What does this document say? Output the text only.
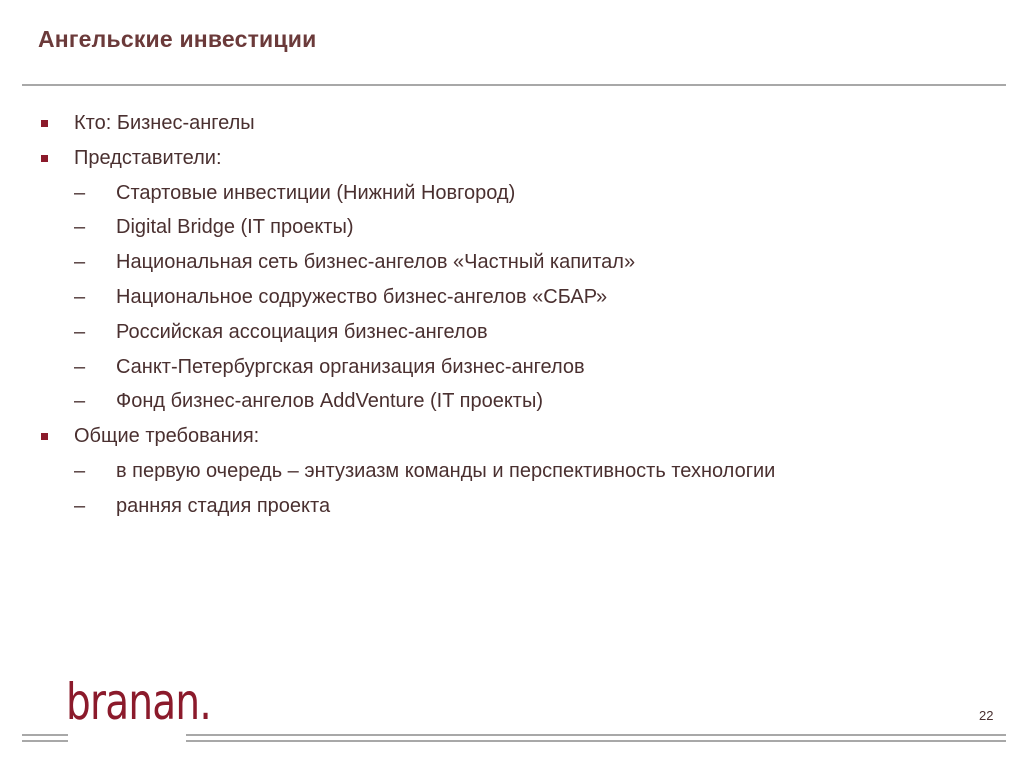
Ангельские инвестиции
Кто: Бизнес-ангелы
Представители:
– Стартовые инвестиции (Нижний Новгород)
– Digital Bridge (IT проекты)
– Национальная сеть бизнес-ангелов «Частный капитал»
– Национальное содружество бизнес-ангелов «СБАР»
– Российская ассоциация бизнес-ангелов
– Санкт-Петербургская организация бизнес-ангелов
– Фонд бизнес-ангелов AddVenture (IT проекты)
Общие требования:
– в первую очередь – энтузиазм команды и перспективность технологии
– ранняя стадия проекта
branan.	22
